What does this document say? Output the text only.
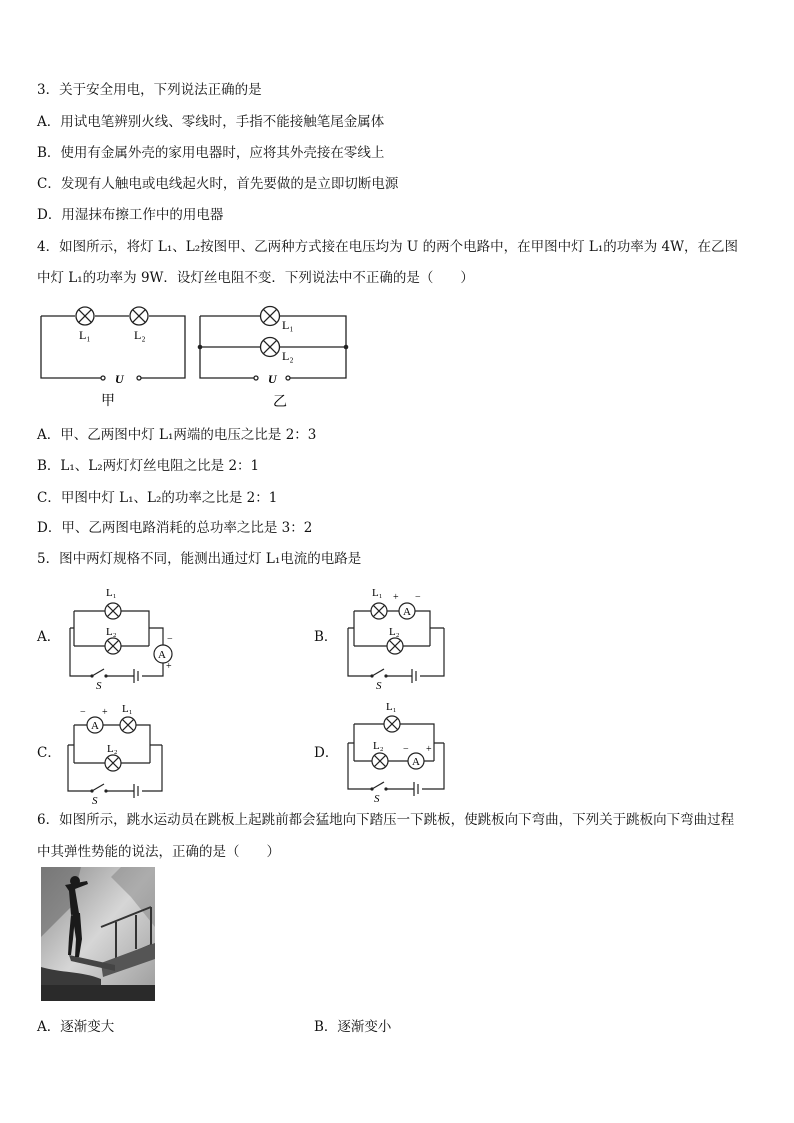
3．关于安全用电，下列说法正确的是
A．用试电笔辨别火线、零线时，手指不能接触笔尾金属体
B．使用有金属外壳的家用电器时，应将其外壳接在零线上
C．发现有人触电或电线起火时，首先要做的是立即切断电源
D．用湿抹布擦工作中的用电器
4．如图所示，将灯 L₁、L₂按图甲、乙两种方式接在电压均为 U 的两个电路中，在甲图中灯 L₁的功率为 4W，在乙图
中灯 L₁的功率为 9W．设灯丝电阻不变．下列说法中不正确的是（　　）
L₁	L₂
U
甲
L₁
L₂
U
乙
A．甲、乙两图中灯 L₁两端的电压之比是 2：3
B．L₁、L₂两灯灯丝电阻之比是 2：1
C．甲图中灯 L₁、L₂的功率之比是 2：1
D．甲、乙两图电路消耗的总功率之比是 3：2
5．图中两灯规格不同，能测出通过灯 L₁电流的电路是
A．
L₁
L₂
A
−
+
S
B．
L₁ + −
A
L₂
S
C．
− +
A
L₁
L₂
S
D．
L₁
L₂ − +
A
S
6．如图所示，跳水运动员在跳板上起跳前都会猛地向下踏压一下跳板，使跳板向下弯曲，下列关于跳板向下弯曲过程
中其弹性势能的说法，正确的是（　　）
A．逐渐变大	B．逐渐变小
